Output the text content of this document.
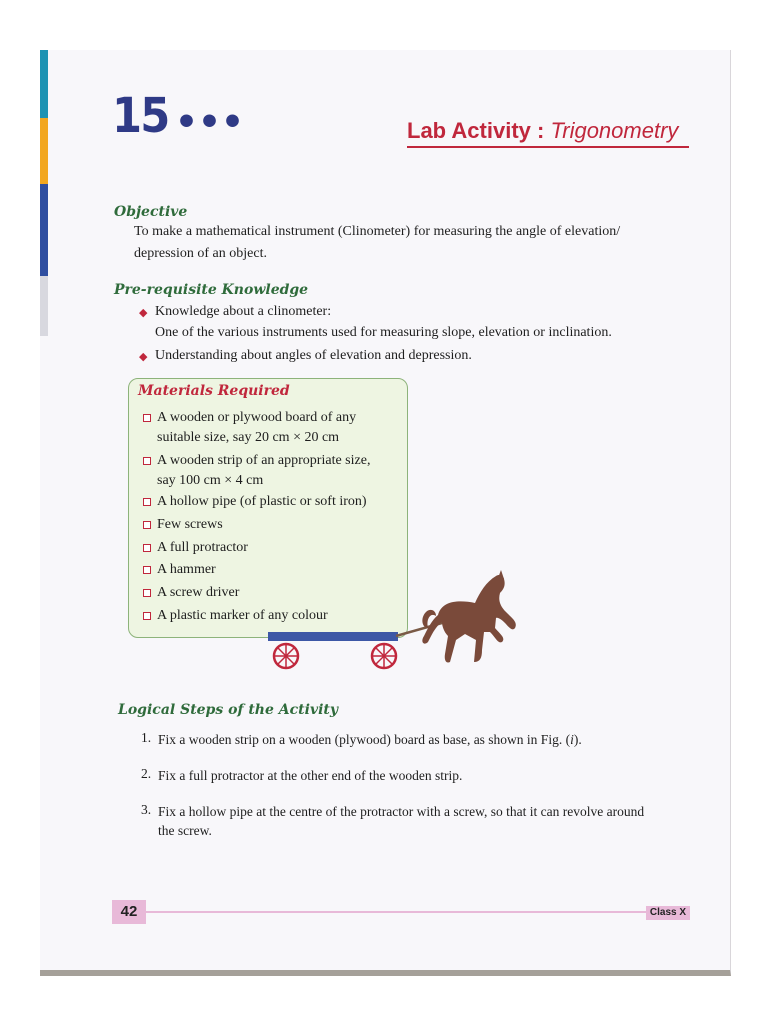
15 •••	Lab Activity : Trigonometry
Objective
To make a mathematical instrument (Clinometer) for measuring the angle of elevation/
depression of an object.
Pre-requisite Knowledge
◆ Knowledge about a clinometer:
One of the various instruments used for measuring slope, elevation or inclination.
◆ Understanding about angles of elevation and depression.
Materials Required
A wooden or plywood board of any
suitable size, say 20 cm × 20 cm
A wooden strip of an appropriate size,
say 100 cm × 4 cm
A hollow pipe (of plastic or soft iron)
Few screws
A full protractor
A hammer
A screw driver
A plastic marker of any colour
Logical Steps of the Activity
1. Fix a wooden strip on a wooden (plywood) board as base, as shown in Fig. (i).
2. Fix a full protractor at the other end of the wooden strip.
3. Fix a hollow pipe at the centre of the protractor with a screw, so that it can revolve around
the screw.
42	Class X
